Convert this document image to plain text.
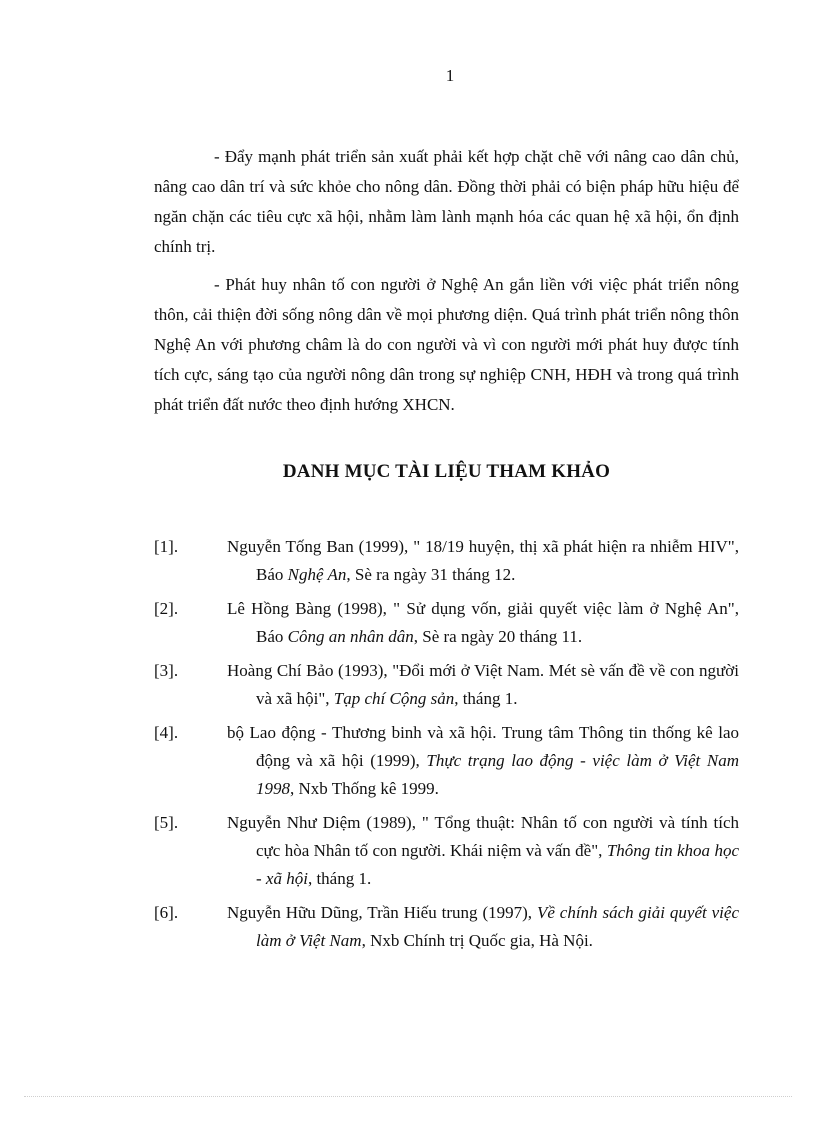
1

- Đẩy mạnh phát triển sản xuất phải kết hợp chặt chẽ với nâng cao dân chủ, nâng cao dân trí và sức khỏe cho nông dân. Đồng thời phải có biện pháp hữu hiệu để ngăn chặn các tiêu cực xã hội, nhằm làm lành mạnh hóa các quan hệ xã hội, ổn định chính trị.

- Phát huy nhân tố con người ở Nghệ An gắn liền với việc phát triển nông thôn, cải thiện đời sống nông dân về mọi phương diện. Quá trình phát triển nông thôn Nghệ An với phương châm là do con người và vì con người mới phát huy được tính tích cực, sáng tạo của người nông dân trong sự nghiệp CNH, HĐH và trong quá trình phát triển đất nước theo định hướng XHCN.

DANH MỤC TÀI LIỆU THAM KHẢO
[1].	Nguyễn Tống Ban (1999), " 18/19 huyện, thị xã phát hiện ra nhiễm HIV", Báo Nghệ An, Sè ra ngày 31 tháng 12.
[2].	Lê Hồng Bàng (1998), " Sử dụng vốn, giải quyết việc làm ở Nghệ An", Báo Công an nhân dân, Sè ra ngày 20 tháng 11.
[3].	Hoàng Chí Bảo (1993), "Đổi mới ở Việt Nam. Mét sè vấn đề về con người và xã hội", Tạp chí Cộng sản, tháng 1.
[4].	bộ Lao động - Thương binh và xã hội. Trung tâm Thông tin thống kê lao động và xã hội (1999), Thực trạng lao động - việc làm ở Việt Nam 1998, Nxb Thống kê 1999.
[5].	Nguyễn Như Diệm (1989), " Tổng thuật: Nhân tố con người và tính tích cực hòa Nhân tố con người. Khái niệm và vấn đề", Thông tin khoa học - xã hội, tháng 1.
[6].	Nguyễn Hữu Dũng, Trần Hiếu trung (1997), Về chính sách giải quyết việc làm ở Việt Nam, Nxb Chính trị Quốc gia, Hà Nội.
